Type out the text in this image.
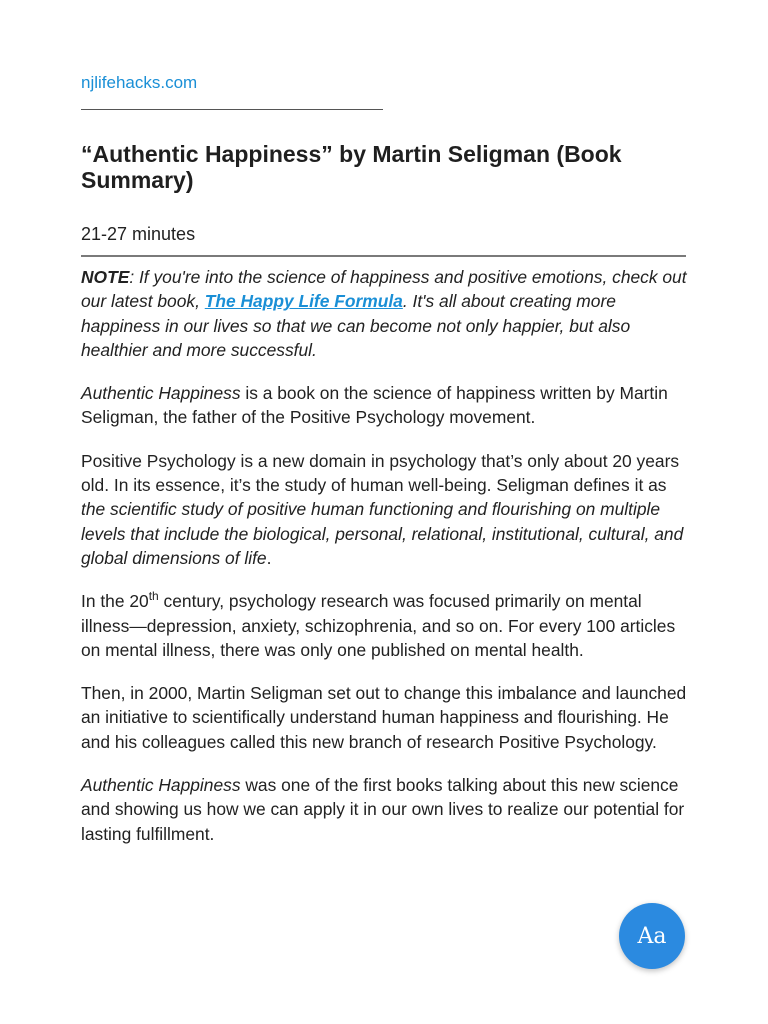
njlifehacks.com
“Authentic Happiness” by Martin Seligman (Book Summary)
21-27 minutes

NOTE: If you're into the science of happiness and positive emotions, check out our latest book, The Happy Life Formula. It's all about creating more happiness in our lives so that we can become not only happier, but also healthier and more successful.

Authentic Happiness is a book on the science of happiness written by Martin Seligman, the father of the Positive Psychology movement.

Positive Psychology is a new domain in psychology that’s only about 20 years old. In its essence, it’s the study of human well-being. Seligman defines it as the scientific study of positive human functioning and flourishing on multiple levels that include the biological, personal, relational, institutional, cultural, and global dimensions of life.

In the 20th century, psychology research was focused primarily on mental illness—depression, anxiety, schizophrenia, and so on. For every 100 articles on mental illness, there was only one published on mental health.

Then, in 2000, Martin Seligman set out to change this imbalance and launched an initiative to scientifically understand human happiness and flourishing. He and his colleagues called this new branch of research Positive Psychology.

Authentic Happiness was one of the first books talking about this new science and showing us how we can apply it in our own lives to realize our potential for lasting fulfillment.

Aa
